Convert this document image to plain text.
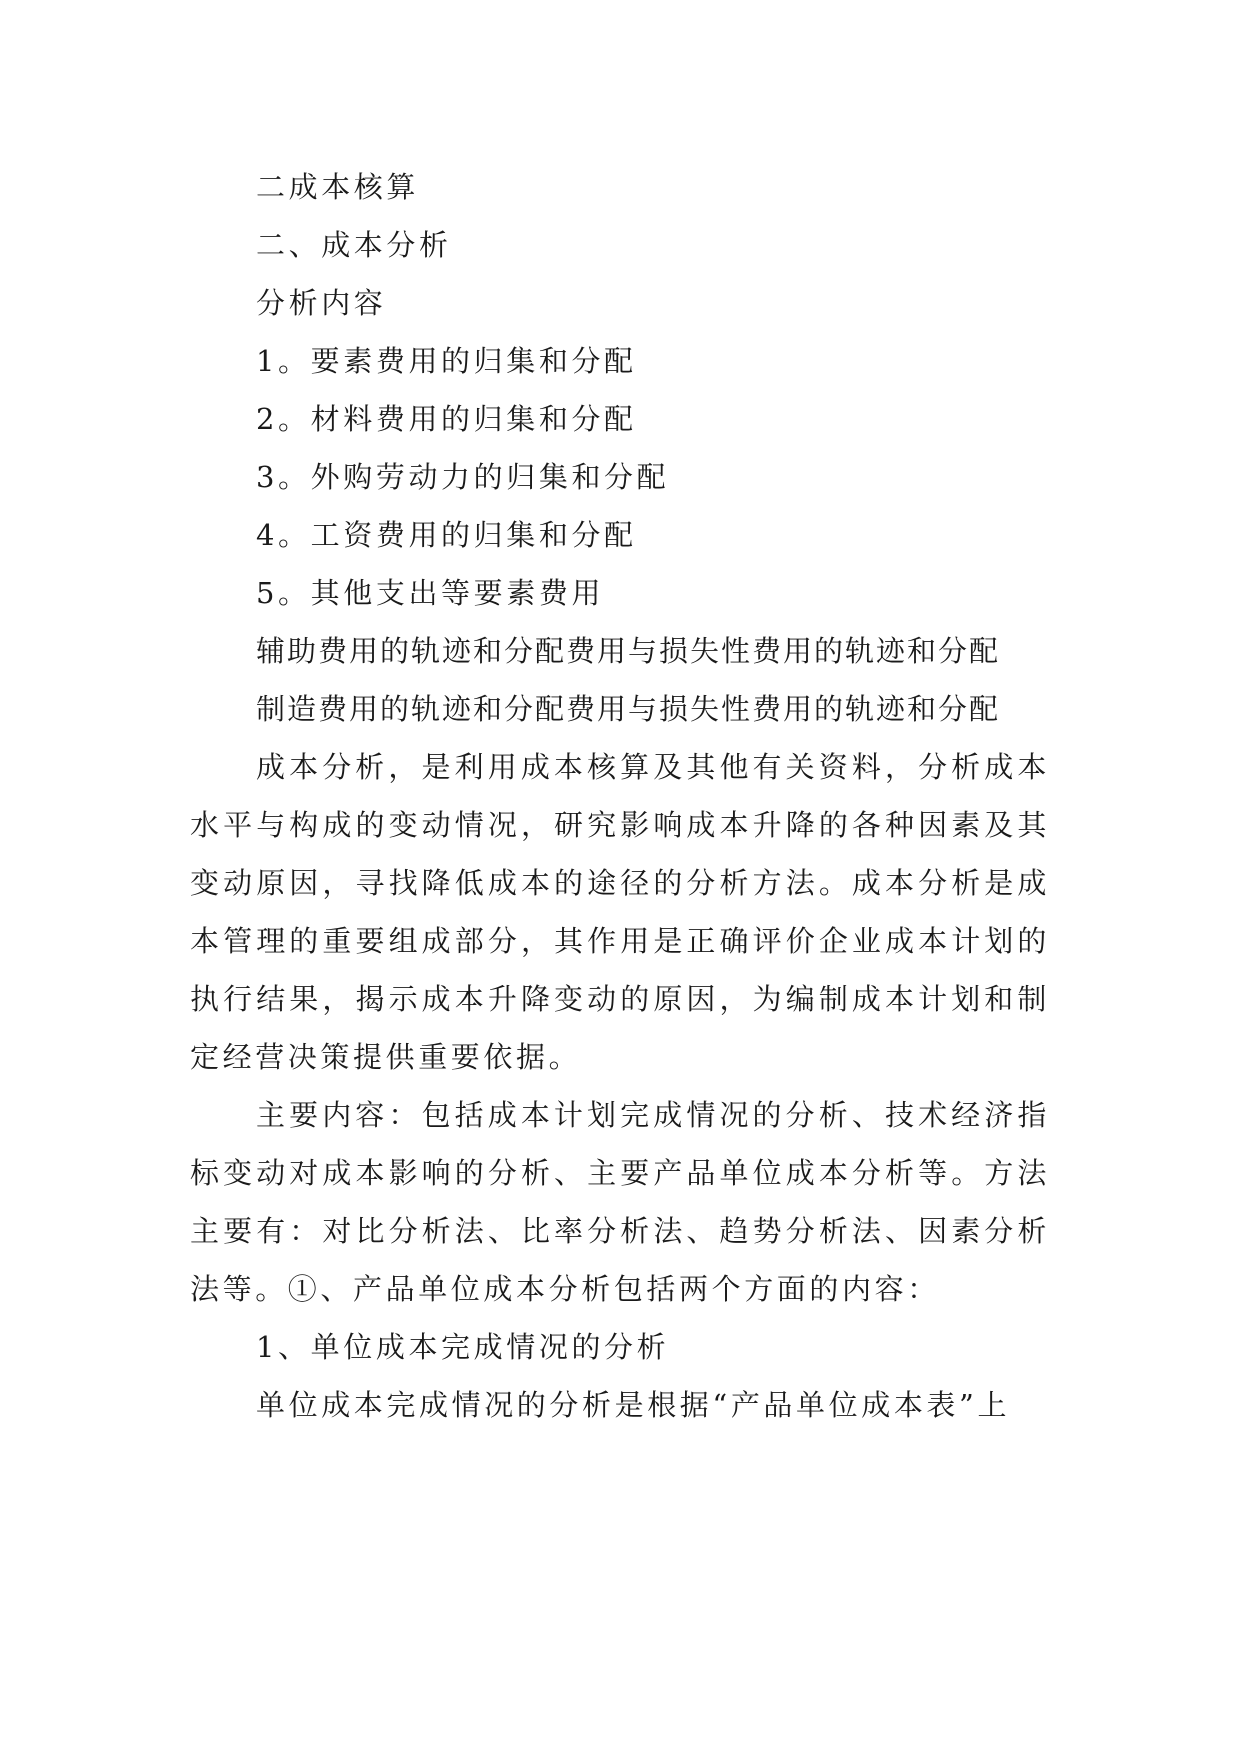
二成本核算

二、成本分析

分析内容

1。要素费用的归集和分配

2。材料费用的归集和分配

3。外购劳动力的归集和分配

4。工资费用的归集和分配

5。其他支出等要素费用

辅助费用的轨迹和分配费用与损失性费用的轨迹和分配

制造费用的轨迹和分配费用与损失性费用的轨迹和分配

成本分析，是利用成本核算及其他有关资料，分析成本水平与构成的变动情况，研究影响成本升降的各种因素及其变动原因，寻找降低成本的途径的分析方法。成本分析是成本管理的重要组成部分，其作用是正确评价企业成本计划的执行结果，揭示成本升降变动的原因，为编制成本计划和制定经营决策提供重要依据。

主要内容：包括成本计划完成情况的分析、技术经济指标变动对成本影响的分析、主要产品单位成本分析等。方法主要有：对比分析法、比率分析法、趋势分析法、因素分析法等。①、产品单位成本分析包括两个方面的内容：

1、单位成本完成情况的分析

单位成本完成情况的分析是根据“产品单位成本表”上
